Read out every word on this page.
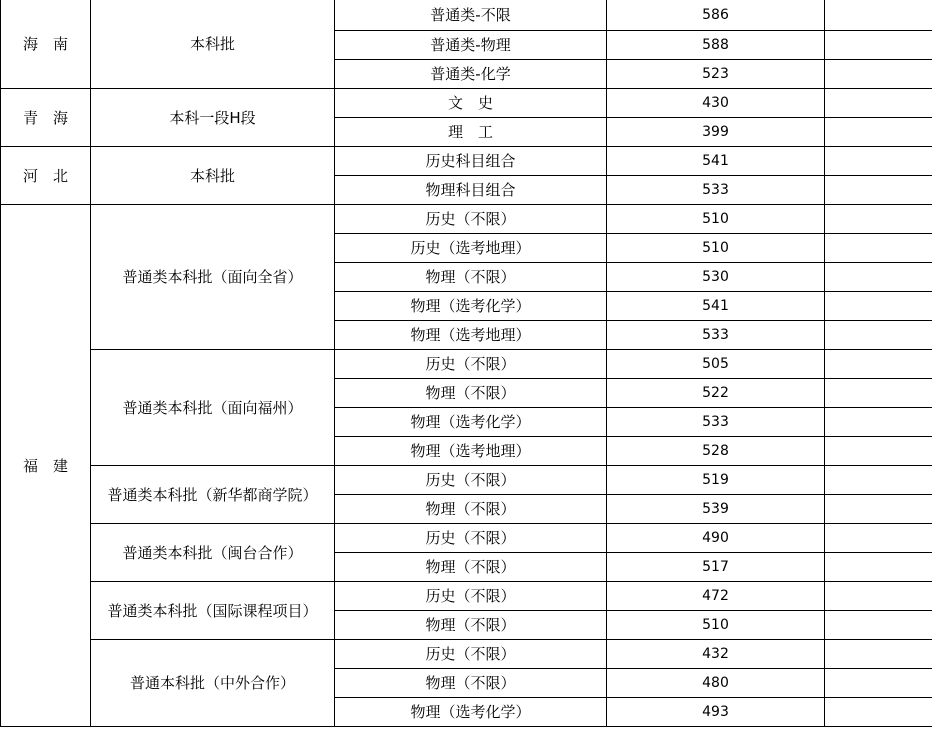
海　南	本科批	普通类-不限	586	
		普通类-物理	588	
		普通类-化学	523	
青　海	本科一段H段	文　史	430	
		理　工	399	
河　北	本科批	历史科目组合	541	
		物理科目组合	533	
福　建	普通类本科批（面向全省）	历史（不限）	510	
		历史（选考地理）	510	
		物理（不限）	530	
		物理（选考化学）	541	
		物理（选考地理）	533	
	普通类本科批（面向福州）	历史（不限）	505	
		物理（不限）	522	
		物理（选考化学）	533	
		物理（选考地理）	528	
	普通类本科批（新华都商学院）	历史（不限）	519	
		物理（不限）	539	
	普通类本科批（闽台合作）	历史（不限）	490	
		物理（不限）	517	
	普通类本科批（国际课程项目）	历史（不限）	472	
		物理（不限）	510	
	普通本科批（中外合作）	历史（不限）	432	
		物理（不限）	480	
		物理（选考化学）	493	
